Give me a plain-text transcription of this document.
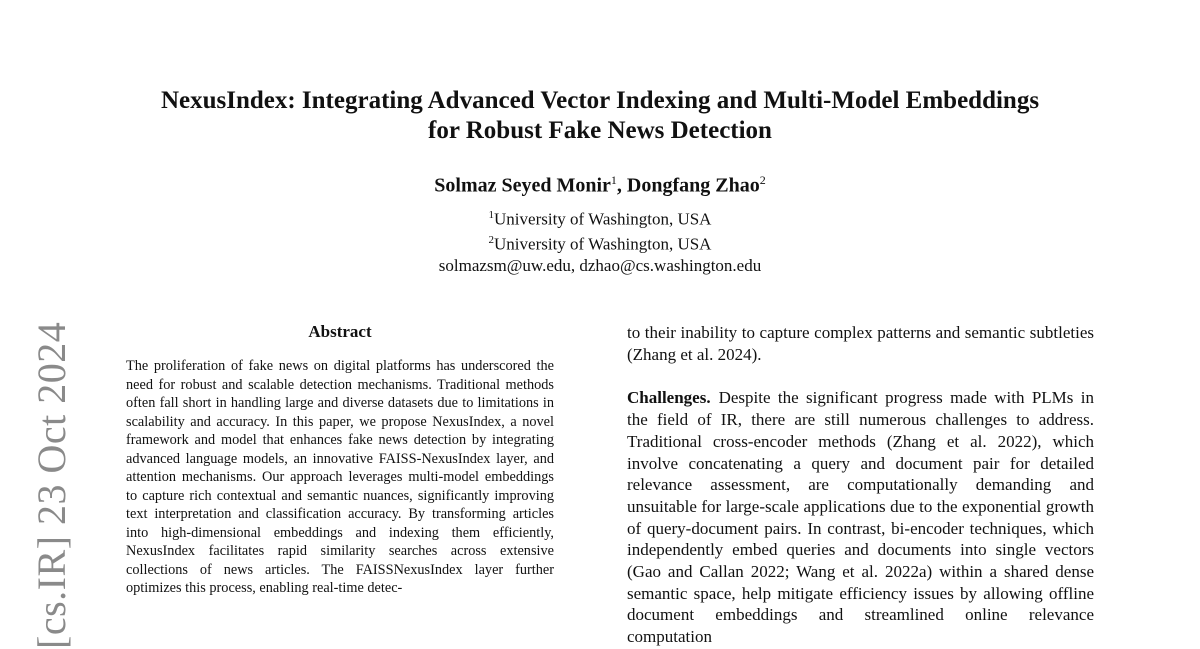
NexusIndex: Integrating Advanced Vector Indexing and Multi-Model Embeddings
for Robust Fake News Detection
Solmaz Seyed Monir$^1$, Dongfang Zhao$^2$
$^1$University of Washington, USA
$^2$University of Washington, USA
solmazsm@uw.edu, dzhao@cs.washington.edu
[cs.IR] 23 Oct 2024	Abstract
The proliferation of fake news on digital platforms has underscored the need for robust and scalable detection mechanisms. Traditional methods often fall short in handling large and diverse datasets due to limitations in scalability and accuracy. In this paper, we propose NexusIndex, a novel framework and model that enhances fake news detection by integrating advanced language models, an innovative FAISS-NexusIndex layer, and attention mechanisms. Our approach leverages multi-model embeddings to capture rich contextual and semantic nuances, significantly improving text interpretation and classification accuracy. By transforming articles into high-dimensional embeddings and indexing them efficiently, NexusIndex facilitates rapid similarity searches across extensive collections of news articles. The FAISSNexusIndex layer further optimizes this process, enabling real-time detec-

to their inability to capture complex patterns and semantic subtleties (Zhang et al. 2024).

Challenges. Despite the significant progress made with PLMs in the field of IR, there are still numerous challenges to address. Traditional cross-encoder methods (Zhang et al. 2022), which involve concatenating a query and document pair for detailed relevance assessment, are computationally demanding and unsuitable for large-scale applications due to the exponential growth of query-document pairs. In contrast, bi-encoder techniques, which independently embed queries and documents into single vectors (Gao and Callan 2022; Wang et al. 2022a) within a shared dense semantic space, help mitigate efficiency issues by allowing offline document embeddings and streamlined online relevance computation
